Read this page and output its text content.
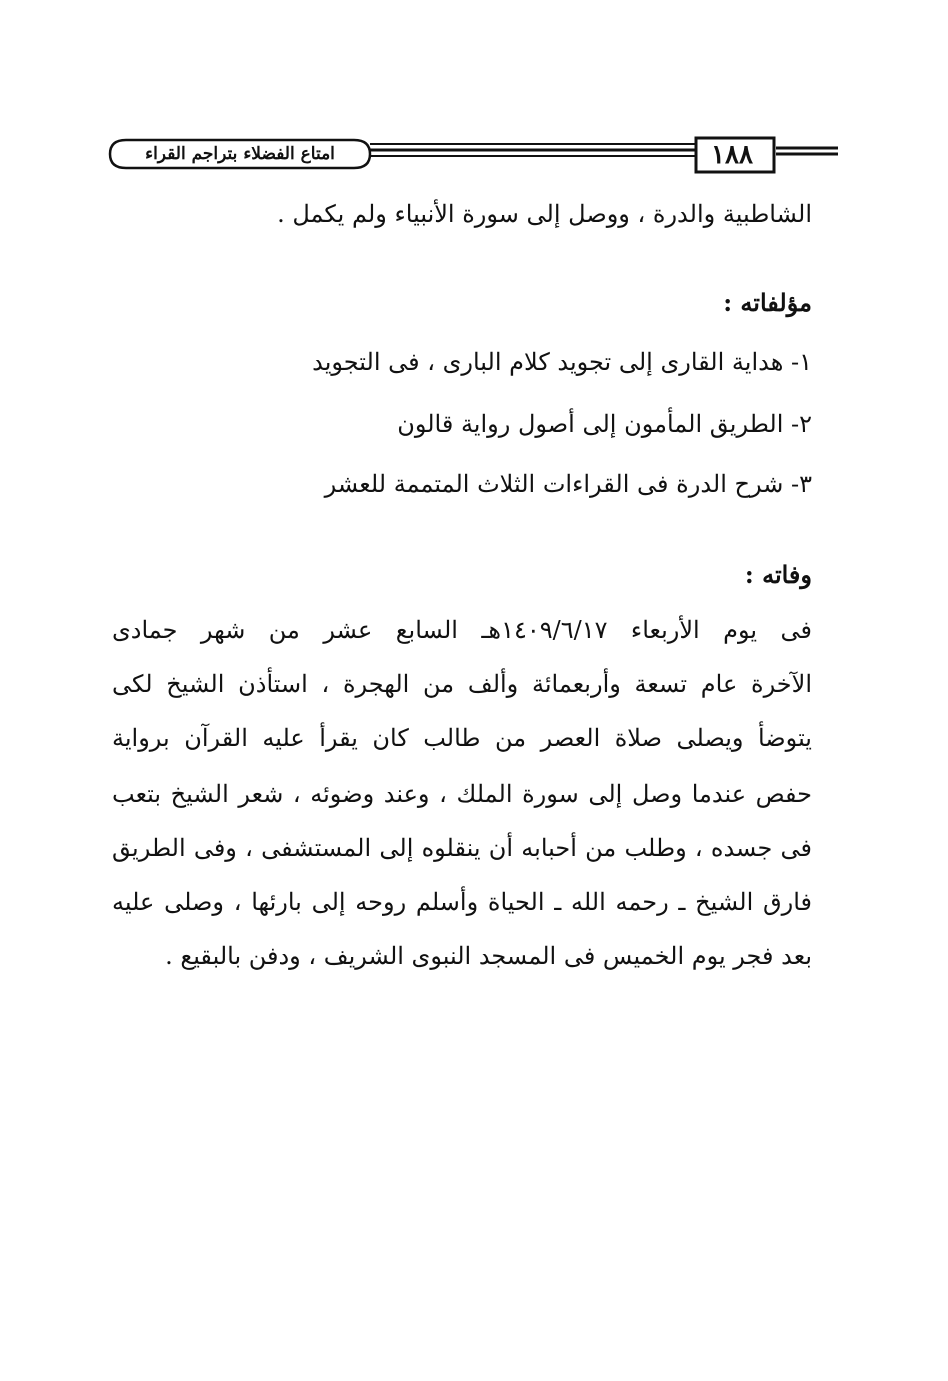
١٨٨
امتاع الفضلاء بتراجم القراء
الشاطبية والدرة ، ووصل إلى سورة الأنبياء ولم يكمل .
مؤلفاته :
١- هداية القارى إلى تجويد كلام البارى ، فى التجويد
٢- الطريق المأمون إلى أصول رواية قالون
٣- شرح الدرة فى القراءات الثلاث المتممة للعشر
وفاته :
فى يوم الأربعاء ١٤٠٩/٦/١٧هـ السابع عشر من شهر جمادى
الآخرة عام تسعة وأربعمائة وألف من الهجرة ، استأذن الشيخ لكى
يتوضأ ويصلى صلاة العصر من طالب كان يقرأ عليه القرآن برواية
حفص عندما وصل إلى سورة الملك ، وعند وضوئه ، شعر الشيخ بتعب
فى جسده ، وطلب من أحبابه أن ينقلوه إلى المستشفى ، وفى الطريق
فارق الشيخ ـ رحمه الله ـ الحياة وأسلم روحه إلى بارئها ، وصلى عليه
بعد فجر يوم الخميس فى المسجد النبوى الشريف ، ودفن بالبقيع .
